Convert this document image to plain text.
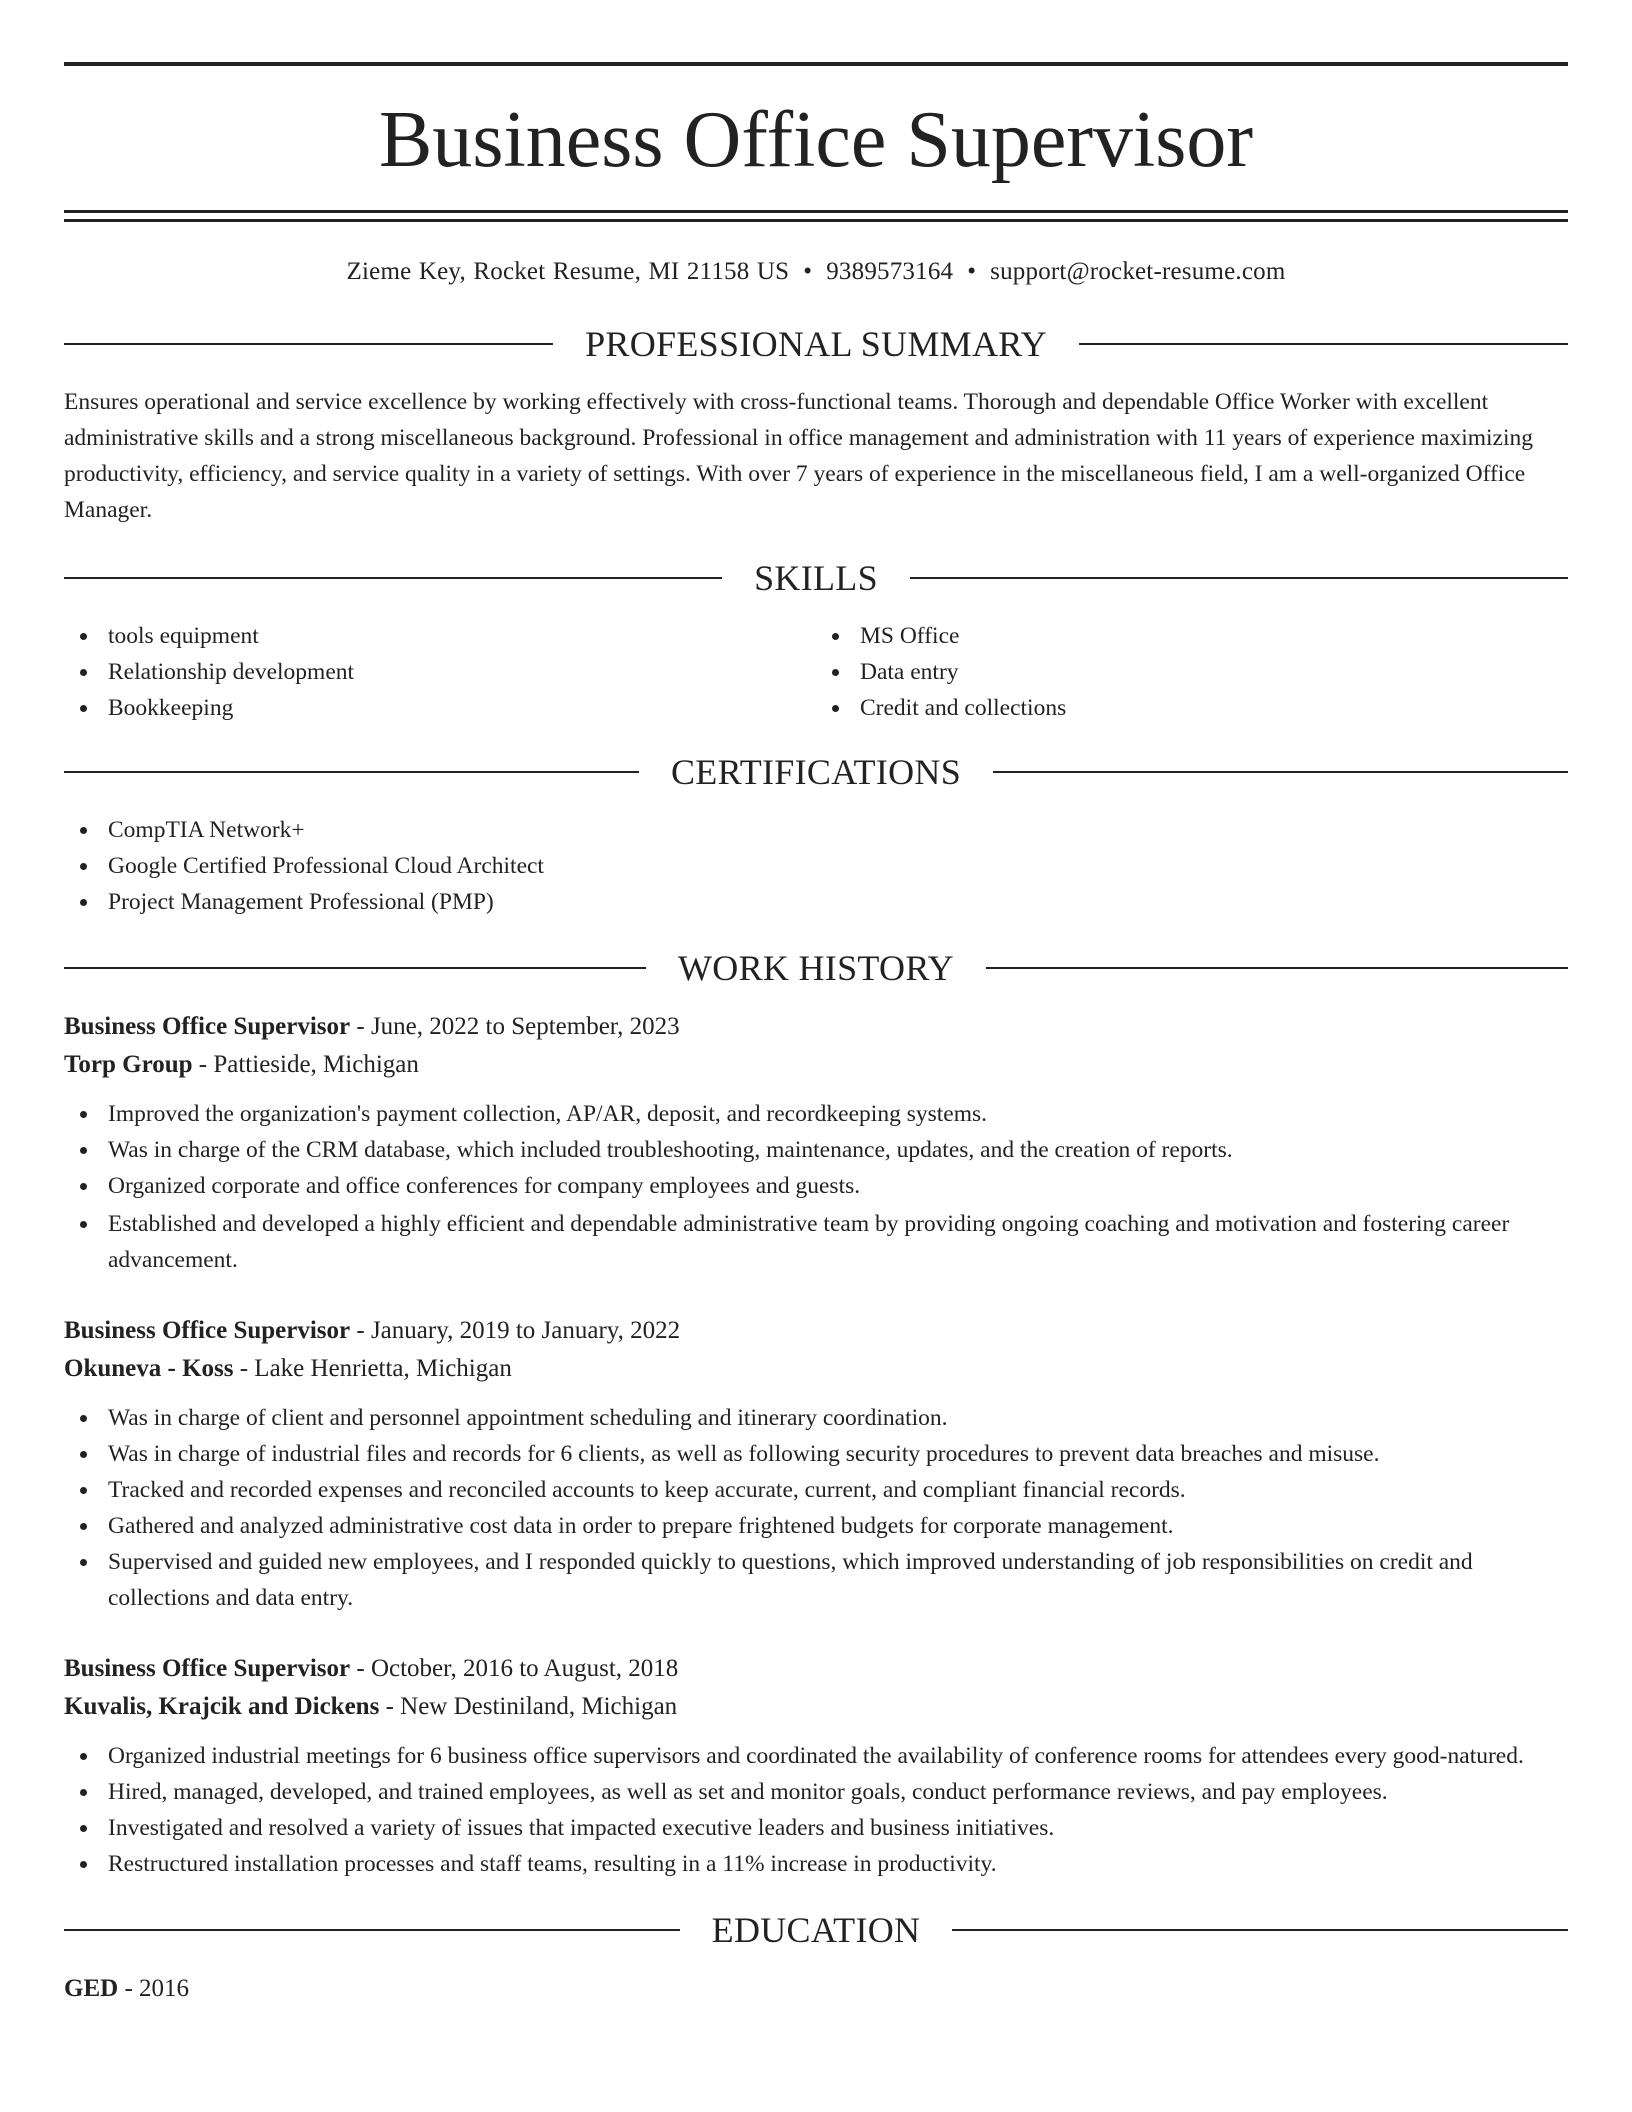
Business Office Supervisor
Zieme Key, Rocket Resume, MI 21158 US • 9389573164 • support@rocket-resume.com
PROFESSIONAL SUMMARY

Ensures operational and service excellence by working effectively with cross-functional teams. Thorough and dependable Office Worker with excellent administrative skills and a strong miscellaneous background. Professional in office management and administration with 11 years of experience maximizing productivity, efficiency, and service quality in a variety of settings. With over 7 years of experience in the miscellaneous field, I am a well-organized Office Manager.

SKILLS
tools equipment
Relationship development
Bookkeeping
MS Office
Data entry
Credit and collections
CERTIFICATIONS
CompTIA Network+
Google Certified Professional Cloud Architect
Project Management Professional (PMP)
WORK HISTORY
Business Office Supervisor - June, 2022 to September, 2023
Torp Group - Pattieside, Michigan
Improved the organization's payment collection, AP/AR, deposit, and recordkeeping systems.
Was in charge of the CRM database, which included troubleshooting, maintenance, updates, and the creation of reports.
Organized corporate and office conferences for company employees and guests.
Established and developed a highly efficient and dependable administrative team by providing ongoing coaching and motivation and fostering career advancement.
Business Office Supervisor - January, 2019 to January, 2022
Okuneva - Koss - Lake Henrietta, Michigan
Was in charge of client and personnel appointment scheduling and itinerary coordination.
Was in charge of industrial files and records for 6 clients, as well as following security procedures to prevent data breaches and misuse.
Tracked and recorded expenses and reconciled accounts to keep accurate, current, and compliant financial records.
Gathered and analyzed administrative cost data in order to prepare frightened budgets for corporate management.
Supervised and guided new employees, and I responded quickly to questions, which improved understanding of job responsibilities on credit and collections and data entry.
Business Office Supervisor - October, 2016 to August, 2018
Kuvalis, Krajcik and Dickens - New Destiniland, Michigan
Organized industrial meetings for 6 business office supervisors and coordinated the availability of conference rooms for attendees every good-natured.
Hired, managed, developed, and trained employees, as well as set and monitor goals, conduct performance reviews, and pay employees.
Investigated and resolved a variety of issues that impacted executive leaders and business initiatives.
Restructured installation processes and staff teams, resulting in a 11% increase in productivity.
EDUCATION
GED - 2016
